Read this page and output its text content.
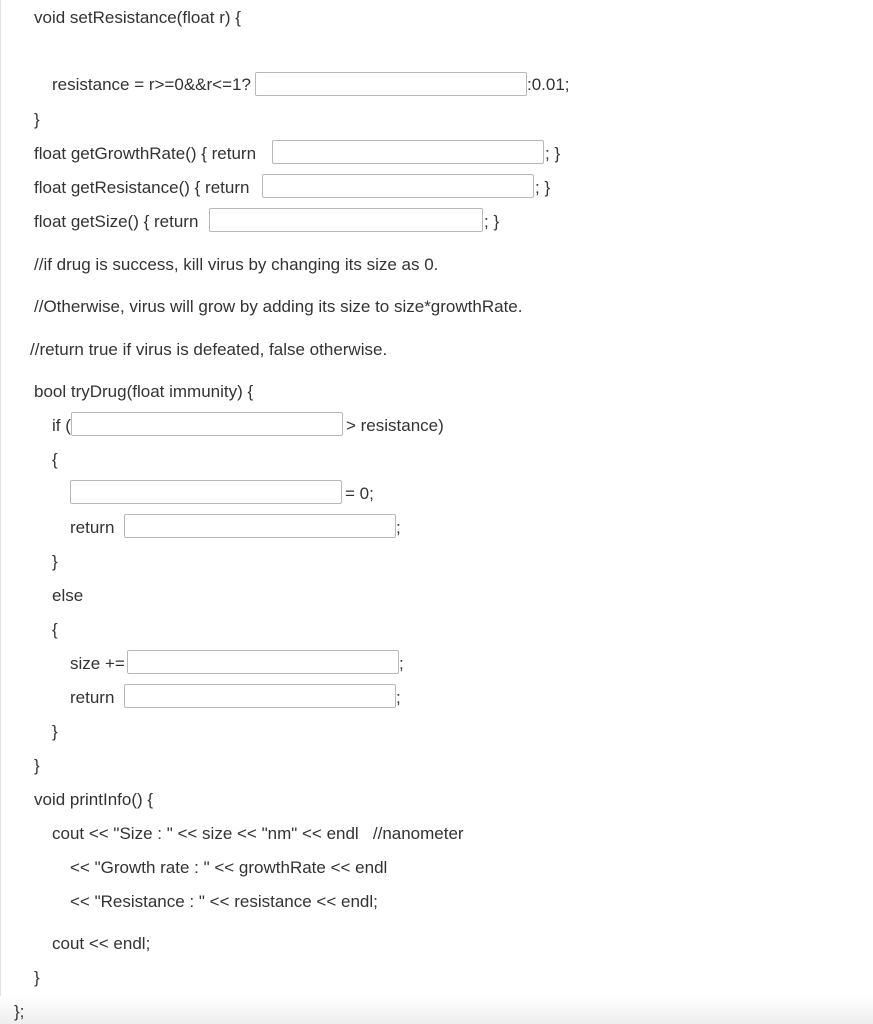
void setResistance(float r) {
resistance = r>=0&&r<=1?	:0.01;
}
float getGrowthRate() { return	; }
float getResistance() { return	; }
float getSize() { return	; }
//if drug is success, kill virus by changing its size as 0.
//Otherwise, virus will grow by adding its size to size*growthRate.
//return true if virus is defeated, false otherwise.
bool tryDrug(float immunity) {
if (	> resistance)
{
= 0;
return	;
}
else
{
size +=	;
return	;
}
}
void printInfo() {
cout << "Size : " << size << "nm" << endl   //nanometer
<< "Growth rate : " << growthRate << endl
<< "Resistance : " << resistance << endl;
cout << endl;
}
};
